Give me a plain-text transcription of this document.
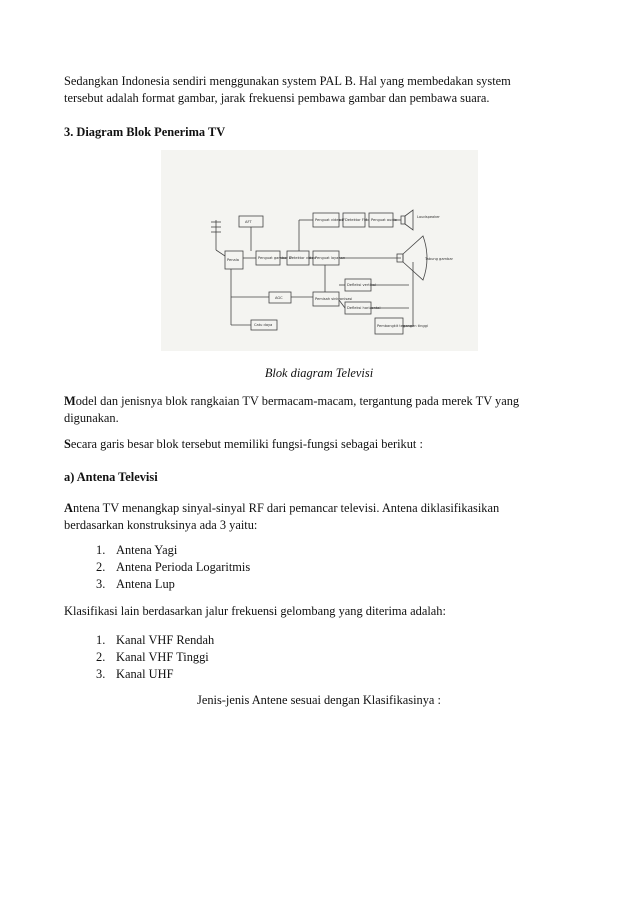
Sedangkan Indonesia sendiri menggunakan system PAL B. Hal yang membedakan system
tersebut adalah format gambar, jarak frekuensi pembawa gambar dan pembawa suara.

3. Diagram Blok Penerima TV

Penala
AFT
Penguat gambar IF
Detektor video
Penguat video IF Detektor FM Penguat audio
Penguat layanan
Defleksi vertikal
Defleksi horizontal
AGC	Pemisah sinkronisasi
Catu daya	Pembangkit tegangan tinggi
Tabung gambar
Loudspeaker
Blok diagram Televisi

Model dan jenisnya blok rangkaian TV bermacam-macam, tergantung pada merek TV yang
digunakan.

Secara garis besar blok tersebut memiliki fungsi-fungsi sebagai berikut :

a) Antena Televisi

Antena TV menangkap sinyal-sinyal RF dari pemancar televisi. Antena diklasifikasikan
berdasarkan konstruksinya ada 3 yaitu:

1. Antena Yagi
2. Antena Perioda Logaritmis
3. Antena Lup

Klasifikasi lain berdasarkan jalur frekuensi gelombang yang diterima adalah:

1. Kanal VHF Rendah
2. Kanal VHF Tinggi
3. Kanal UHF
Jenis-jenis Antene sesuai dengan Klasifikasinya :
